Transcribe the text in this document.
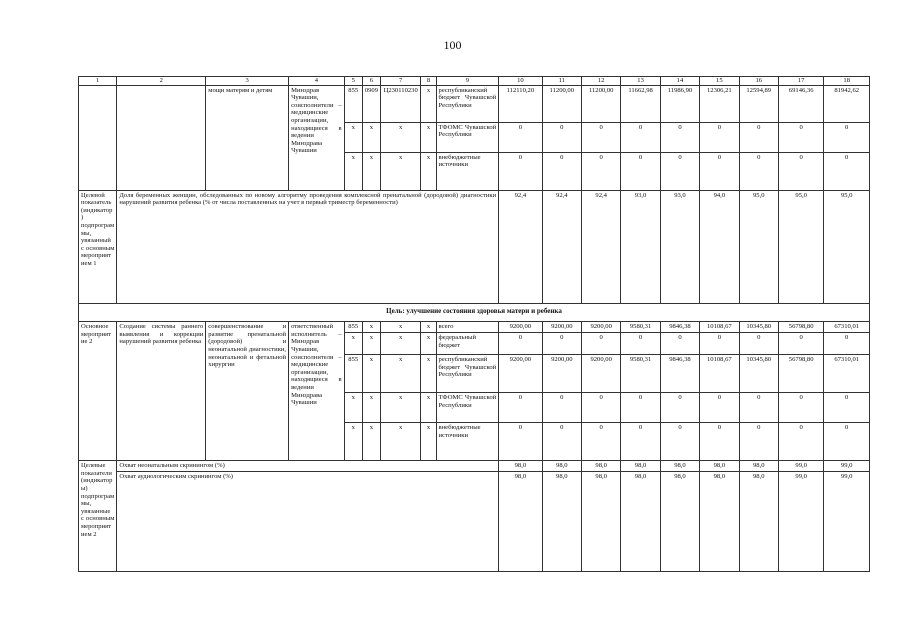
100
1	2	3	4	5	6	7	8	9	10	11	12	13	14	15	16	17	18
		мощи матерям и детям	Минздрав Чувашии, соисполнители – медицинские организации, находящиеся в ведении Минздрава Чувашии	855	0909	Ц230110230	х	республиканский бюджет Чувашской Республики	112110,20	11200,00	11200,00	11662,98	11986,90	12306,21	12594,89	69146,36	81942,62
				х	х	х	х	ТФОМС Чувашской Республики	0	0	0	0	0	0	0	0	0
				х	х	х	х	внебюджетные источники	0	0	0	0	0	0	0	0	0
Целевой показатель (индикатор) подпрограммы, увязанный с основным мероприятием 1	Доля беременных женщин, обследованных по новому алгоритму проведения комплексной пренатальной (дородовой) диагностики нарушений развития ребенка (% от числа поставленных на учет в первый триместр беременности)								92,4	92,4	92,4	93,0	93,0	94,0	95,0	95,0	95,0
Цель: улучшение состояния здоровья матери и ребенка																	
Основное мероприятие 2	Создание системы раннего выявления и коррекции нарушений развития ребенка	совершенствование и развитие пренатальной (дородовой) и неонатальной диагностики, неонатальной и фетальной хирургии	ответственный исполнитель – Минздрав Чувашии, соисполнители – медицинские организации, находящиеся в ведении Минздрава Чувашии	855	х	х	х	всего	9200,00	9200,00	9200,00	9580,31	9846,38	10108,67	10345,80	56798,80	67310,01
				х	х	х	х	федеральный бюджет	0	0	0	0	0	0	0	0	0
				855	х	х	х	республиканский бюджет Чувашской Республики	9200,00	9200,00	9200,00	9580,31	9846,38	10108,67	10345,80	56798,80	67310,01
				х	х	х	х	ТФОМС Чувашской Республики	0	0	0	0	0	0	0	0	0
				х	х	х	х	внебюджетные источники	0	0	0	0	0	0	0	0	0
Целевые показатели (индикаторы) подпрограммы, увязанные с основным мероприятием 2	Охват неонатальным скринингом (%)								98,0	98,0	98,0	98,0	98,0	98,0	98,0	99,0	99,0
	Охват аудиологическим скринингом (%)								98,0	98,0	98,0	98,0	98,0	98,0	98,0	99,0	99,0
